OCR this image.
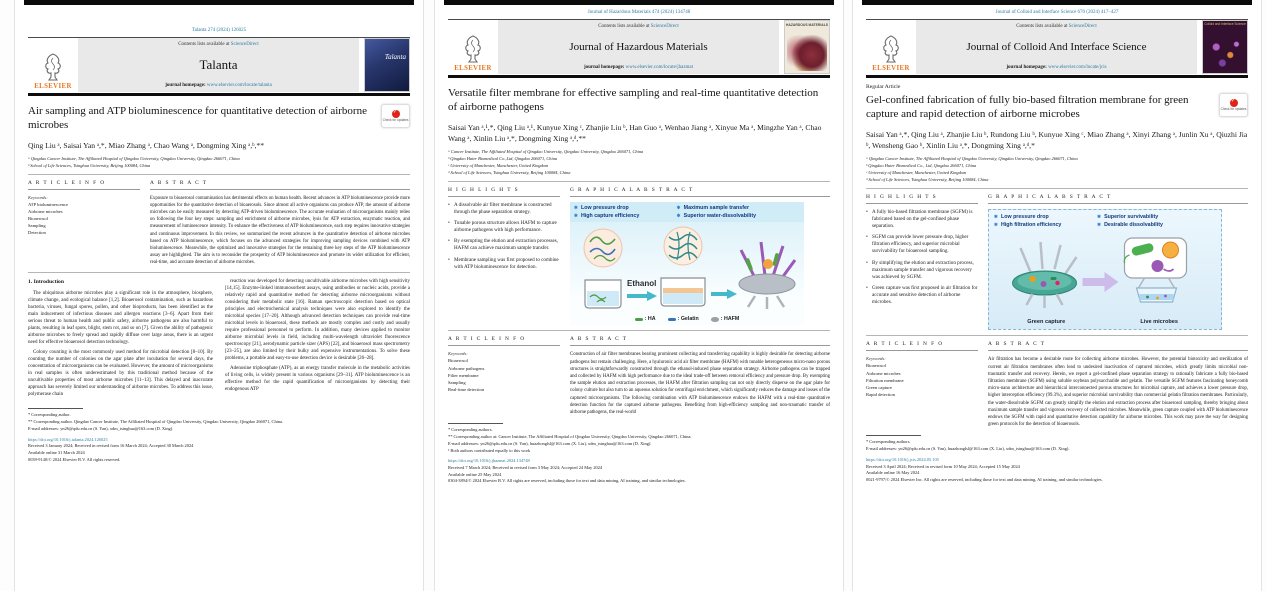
Talanta 274 (2024) 126025
ELSEVIER
Contents lists available at ScienceDirect
Talanta
journal homepage: www.elsevier.com/locate/talanta
Talanta
Air sampling and ATP bioluminescence for quantitative detection of airborne microbes
✓	Check for updates
Qing Liu ᵃ, Saisai Yan ᵃ,*, Miao Zhang ᵃ, Chao Wang ᵃ, Dongming Xing ᵃ,ᵇ,**
ᵃ Qingdao Cancer Institute, The Affiliated Hospital of Qingdao University, Qingdao University, Qingdao 266071, China
ᵇ School of Life Sciences, Tsinghua University, Beijing 100084, China
A R T I C L E I N F O
Keywords:
ATP bioluminescence
Airborne microbes
Bioaerosol
Sampling
Detection
A B S T R A C T
Exposure to bioaerosol contamination has detrimental effects on human health. Recent advances in ATP bioluminescence provide more opportunities for the quantitative detection of bioaerosols. Since almost all active organisms can produce ATP, the amount of airborne microbes can be easily measured by detecting ATP-driven bioluminescence. The accurate evaluation of microorganisms mainly relies on following the four key steps: sampling and enrichment of airborne microbes, lysis for ATP extraction, enzymatic reaction, and measurement of luminescence intensity. To enhance the effectiveness of ATP bioluminescence, each step requires innovative strategies and continuous improvement. In this review, we summarized the recent advances in the quantitative detection of airborne microbes based on ATP bioluminescence, which focuses on the advanced strategies for improving sampling devices combined with ATP bioluminescence. Meanwhile, the optimized and innovative strategies for the remaining three key steps of the ATP bioluminescence assay are highlighted. The aim is to reconsider the prosperity of ATP bioluminescence and promote its wider utilization for efficient, real-time, and accurate detection of airborne microbes.
1. Introduction

The ubiquitous airborne microbes play a significant role in the atmosphere, biosphere, climate change, and ecological balance [1,2]. Bioaerosol contamination, such as hazardous bacteria, viruses, fungal spores, pollen, and other bioproducts, has been identified as the main inducement of infectious diseases and allergen reactions [3–6]. Apart from their serious threat to human health and public safety, airborne pathogens are also harmful to plants, resulting in leaf spots, blight, stem rot, and so on [7]. Given the ability of pathogenic airborne microbes to freely spread and rapidly diffuse over large areas, there is an urgent need for effective bioaerosol detection technology.

Colony counting is the most commonly used method for microbial detection [8–10]. By counting the number of colonies on the agar plate after incubation for several days, the concentration of microorganisms can be evaluated. However, the amount of microorganisms in real samples is often underestimated by this traditional method because of the uncultivable properties of most airborne microbes [11–13]. This delayed and inaccurate approach has severely limited our understanding of airborne microbes. To address this issue, polymerase chain

reaction was developed for detecting uncultivable airborne microbes with high sensitivity [14,15]. Enzyme-linked immunosorbent assays, using antibodies or nucleic acids, provide a relatively rapid and quantitative method for detecting airborne microorganisms without considering their metabolic state [16]. Raman spectroscopic detection based on optical principles and electrochemical analysis techniques were also explored to identify the microbial species [17–20]. Although advanced detection techniques can provide real-time microbial levels in bioaerosol, these methods are mostly complex and costly and usually require professional personnel to perform. In addition, many devices applied to monitor airborne microbial levels in field, including multi-wavelength ultraviolet fluorescence spectroscopy [21], aerodynamic particle sizer (APS) [22], and bioaerosol mass spectrometry [23–25], are also limited by their bulky and expensive instrumentations. To solve these problems, a portable and easy-to-use detection device is desirable [26–28].

Adenosine triphosphate (ATP), as an energy transfer molecule in the metabolic activities of living cells, is widely present in various organisms [29–31]. ATP bioluminescence is an effective method for the rapid quantification of microorganisms by detecting their endogenous ATP

* Corresponding author.
** Corresponding author. Qingdao Cancer Institute, The Affiliated Hospital of Qingdao University, Qingdao University, Qingdao 266071, China.
E-mail addresses: yn26@qdu.edu.cn (S. Yan), xdm_tsinghua@163.com (D. Xing).
https://doi.org/10.1016/j.talanta.2024.126025
Received 3 January 2024; Received in revised form 16 March 2024; Accepted 30 March 2024
Available online 31 March 2024
0039-9140/© 2024 Elsevier B.V. All rights reserved.
Journal of Hazardous Materials 474 (2024) 134748
ELSEVIER
Contents lists available at ScienceDirect
Journal of Hazardous Materials
journal homepage: www.elsevier.com/locate/jhazmat
HAZARDOUS MATERIALS
Versatile filter membrane for effective sampling and real-time quantitative detection of airborne pathogens
Saisai Yan ᵃ,¹,*, Qing Liu ᵃ,¹, Kunyue Xing ᶜ, Zhanjie Liu ᵇ, Han Guo ᵃ, Wenhao Jiang ᵃ, Xinyue Ma ᵃ, Mingzhe Yan ᵃ, Chao Wang ᵃ, Xinlin Liu ᵃ,*, Dongming Xing ᵃ,ᵈ,**
ᵃ Cancer Institute, The Affiliated Hospital of Qingdao University, Qingdao University, Qingdao 266071, China
ᵇ Qingdao Haier Biomedical Co.,Ltd, Qingdao 266071, China
ᶜ University of Manchester, Manchester, United Kingdom
ᵈ School of Life Sciences, Tsinghua University, Beijing 100084, China
H I G H L I G H T S
• A dissolvable air filter membrane is constructed through the phase separation strategy.
• Tunable porous structure allows HAFM to capture airborne pathogens with high performance.
• By exempting the elution and extraction processes, HAFM can achieve maximum sample transfer.
• Membrane sampling was first proposed to combine with ATP bioluminescence for detection.
G R A P H I C A L A B S T R A C T
✱ Low pressure drop	✱ Maximum sample transfer
✱ High capture efficiency	✱ Superior water-dissolvability
Ethanol
: HA	: Gelatin	: HAFM
A R T I C L E I N F O
Keywords:
Bioaerosol
Airborne pathogens
Filter membrane
Sampling
Real-time detection
A B S T R A C T
Construction of air filter membranes bearing prominent collecting and transferring capability is highly desirable for detecting airborne pathogens but remain challenging. Here, a hyaluronic acid air filter membrane (HAFM) with tunable heterogeneous micro-nano porous structures is straightforwardly constructed through the ethanol-induced phase separation strategy. Airborne pathogens can be trapped and collected by HAFM with high performance due to the ideal trade-off between removal efficiency and pressure drop. By exempting the sample elution and extraction processes, the HAFM after filtration sampling can not only directly disperse on the agar plate for colony culture but also turn to an aqueous solution for centrifugal enrichment, which significantly reduces the damage and losses of the captured microorganisms. The following combination with ATP bioluminescence endows the HAFM with a real-time quantitative detection function for the captured airborne pathogens. Benefiting from high-efficiency sampling and non-traumatic transfer of airborne pathogens, the real-world
* Corresponding authors.
** Corresponding author at: Cancer Institute, The Affiliated Hospital of Qingdao University, Qingdao University, Qingdao 266071, China.
E-mail addresses: yn26@qdu.edu.cn (S. Yan), huazhonglsl@163.com (X. Liu), xdm_tsinghua@163.com (D. Xing).
¹ Both authors contributed equally to this work
https://doi.org/10.1016/j.jhazmat.2024.134748
Received 7 March 2024; Received in revised form 3 May 2024; Accepted 24 May 2024
Available online 25 May 2024
0304-3894/© 2024 Elsevier B.V. All rights are reserved, including those for text and data mining, AI training, and similar technologies.
Journal of Colloid and Interface Science 670 (2024) 417–427
ELSEVIER
Contents lists available at ScienceDirect
Journal of Colloid And Interface Science
journal homepage: www.elsevier.com/locate/jcis
Colloid and Interface Science
Regular Article
Gel-confined fabrication of fully bio-based filtration membrane for green capture and rapid detection of airborne microbes
✓	Check for updates
Saisai Yan ᵃ,*, Qing Liu ᵃ, Zhanjie Liu ᵇ, Rundong Liu ᵇ, Kunyue Xing ᶜ, Miao Zhang ᵃ, Xinyi Zhang ᵃ, Junlin Xu ᵃ, Qiuzhi Jia ᵇ, Wensheng Gao ᵇ, Xinlin Liu ᵃ,*, Dongming Xing ᵃ,ᵈ,*
ᵃ Qingdao Cancer Institute, The Affiliated Hospital of Qingdao University, Qingdao University, Qingdao 266071, China
ᵇ Qingdao Haier Biomedical Co., Ltd, Qingdao 266071, China
ᶜ University of Manchester, Manchester, United Kingdom
ᵈ School of Life Sciences, Tsinghua University, Beijing 100084, China
H I G H L I G H T S
• A fully bio-based filtration membrane (SGFM) is fabricated based on the gel-confined phase separation.
• SGFM can provide lower pressure drop, higher filtration efficiency, and superior microbial survivability for bioaerosol sampling.
• By simplifying the elution and extraction process, maximum sample transfer and vigorous recovery was achieved by SGFM.
• Green capture was first proposed in air filtration for accurate and sensitive detection of airborne microbes.
G R A P H I C A L A B S T R A C T
✱ Low pressure drop	✱ Superior survivability
✱ High filtration efficiency	✱ Desirable dissolvability
Green capture	Live microbes
A R T I C L E I N F O
Keywords:
Bioaerosol
Airborne microbes
Filtration membrane
Green capture
Rapid detection
A B S T R A C T
Air filtration has become a desirable route for collecting airborne microbes. However, the potential biotoxicity and sterilization of current air filtration membranes often lead to undesired inactivation of captured microbes, which greatly limits microbial non-traumatic transfer and recovery. Herein, we report a gel-confined phase separation strategy to rationally fabricate a fully bio-based filtration membrane (SGFM) using soluble soybean polysaccharide and gelatin. The versatile SGFM features fascinating honeycomb micro-nano architecture and hierarchical interconnected porous structures for microbial capture, and achieves a lower pressure drop, higher interception efficiency (99.3%), and superior microbial survivability than commercial gelatin filtration membranes. Particularly, the water-dissolvable SGFM can greatly simplify the elution and extraction process after bioaerosol sampling, thereby bringing about maximum sample transfer and vigorous recovery of collected microbes. Meanwhile, green capture coupled with ATP bioluminescence endows the SGFM with rapid and quantitative detection capability for airborne microbes. This work may pave the way for designing green protocols for the detection of bioaerosols.
* Corresponding authors.
E-mail addresses: yn26@qdu.edu.cn (S. Yan), huazhonglsl@163.com (X. Liu), xdm_tsinghua@163.com (D. Xing).
https://doi.org/10.1016/j.jcis.2024.05.105
Received 3 April 2024; Received in revised form 10 May 2024; Accepted 15 May 2024
Available online 16 May 2024
0021-9797/© 2024 Elsevier Inc. All rights are reserved, including those for text and data mining, AI training, and similar technologies.
